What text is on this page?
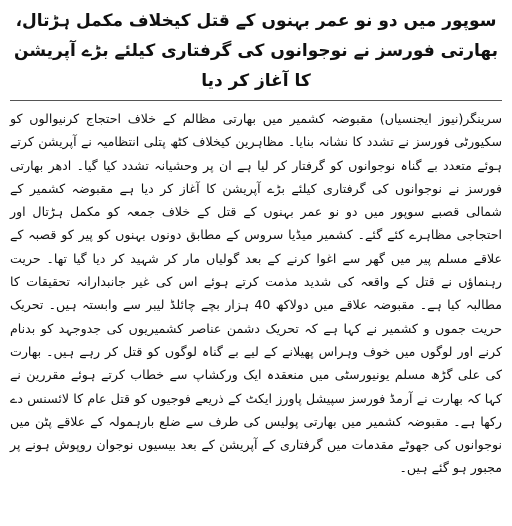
سوپور میں دو نو عمر بہنوں کے قتل کیخلاف مکمل ہڑتال، بھارتی فورسز نے نوجوانوں کی گرفتاری کیلئے بڑے آپریشن کا آغاز کر دیا

سرینگر(نیوز ایجنسیاں) مقبوضہ کشمیر میں بھارتی مظالم کے خلاف احتجاج کرنیوالوں کو سکیورٹی فورسز نے تشدد کا نشانہ بنایا۔ مظاہرین کیخلاف کٹھ پتلی انتظامیہ نے آپریشن کرتے ہوئے متعدد بے گناہ نوجوانوں کو گرفتار کر لیا ہے ان پر وحشیانہ تشدد کیا گیا۔ ادھر بھارتی فورسز نے نوجوانوں کی گرفتاری کیلئے بڑے آپریشن کا آغاز کر دیا ہے مقبوضہ کشمیر کے شمالی قصبے سوپور میں دو نو عمر بہنوں کے قتل کے خلاف جمعہ کو مکمل ہڑتال اور احتجاجی مظاہرے کئے گئے۔ کشمیر میڈیا سروس کے مطابق دونوں بہنوں کو پیر کو قصبہ کے علاقے مسلم پیر میں گھر سے اغوا کرنے کے بعد گولیاں مار کر شہید کر دیا گیا تھا۔ حریت رہنماؤں نے قتل کے واقعہ کی شدید مذمت کرتے ہوئے اس کی غیر جانبدارانہ تحقیقات کا مطالبہ کیا ہے۔ مقبوضہ علاقے میں دولاکھ 40 ہزار بچے چائلڈ لیبر سے وابستہ ہیں۔ تحریک حریت جموں و کشمیر نے کہا ہے کہ تحریک دشمن عناصر کشمیریوں کی جدوجہد کو بدنام کرنے اور لوگوں میں خوف وہراس پھیلانے کے لیے بے گناہ لوگوں کو قتل کر رہے ہیں۔ بھارت کی علی گڑھ مسلم یونیورسٹی میں منعقدہ ایک ورکشاپ سے خطاب کرتے ہوئے مقررین نے کہا کہ بھارت نے آرمڈ فورسز سپیشل پاورز ایکٹ کے ذریعے فوجیوں کو قتل عام کا لائسنس دے رکھا ہے۔ مقبوضہ کشمیر میں بھارتی پولیس کی طرف سے ضلع بارہمولہ کے علاقے پٹن میں نوجوانوں کی جھوٹے مقدمات میں گرفتاری کے آپریشن کے بعد بیسیوں نوجوان روپوش ہونے پر مجبور ہو گئے ہیں۔
